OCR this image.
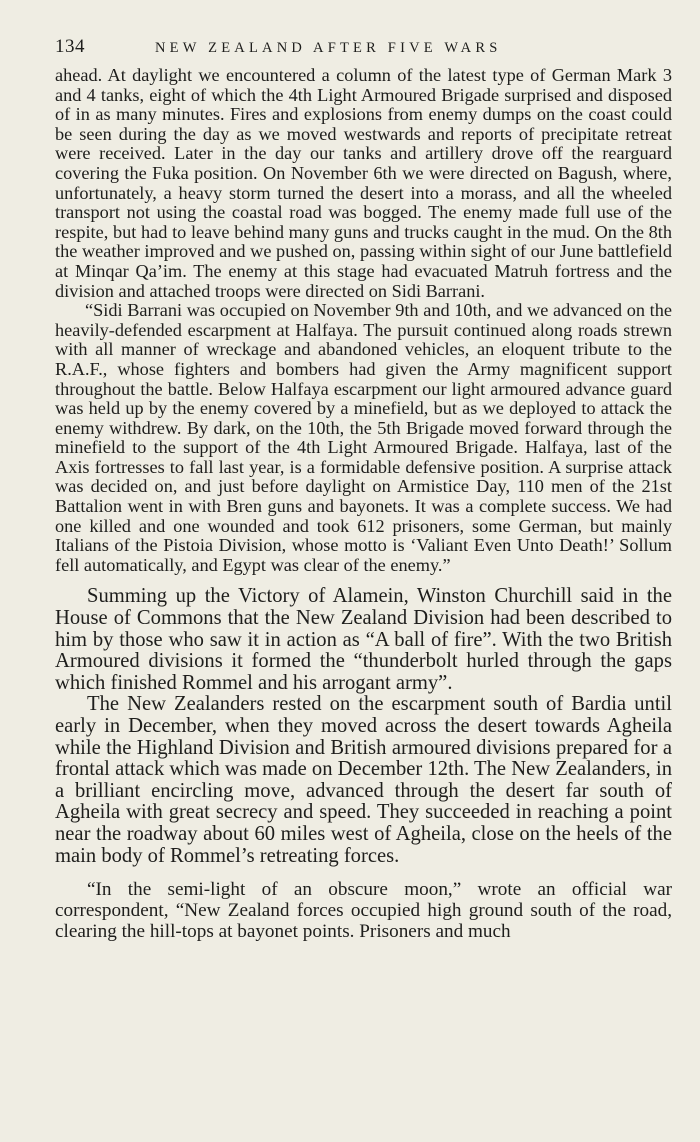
134	NEW ZEALAND AFTER FIVE WARS

ahead. At daylight we encountered a column of the latest type of German Mark 3 and 4 tanks, eight of which the 4th Light Armoured Brigade surprised and disposed of in as many minutes. Fires and explosions from enemy dumps on the coast could be seen during the day as we moved westwards and reports of precipitate retreat were received. Later in the day our tanks and artillery drove off the rearguard covering the Fuka position. On November 6th we were directed on Bagush, where, unfortunately, a heavy storm turned the desert into a morass, and all the wheeled transport not using the coastal road was bogged. The enemy made full use of the respite, but had to leave behind many guns and trucks caught in the mud. On the 8th the weather improved and we pushed on, passing within sight of our June battlefield at Minqar Qa’im. The enemy at this stage had evacuated Matruh fortress and the division and attached troops were directed on Sidi Barrani.

“Sidi Barrani was occupied on November 9th and 10th, and we advanced on the heavily-defended escarpment at Halfaya. The pursuit continued along roads strewn with all manner of wreckage and abandoned vehicles, an eloquent tribute to the R.A.F., whose fighters and bombers had given the Army magnificent support throughout the battle. Below Halfaya escarpment our light armoured advance guard was held up by the enemy covered by a minefield, but as we deployed to attack the enemy withdrew. By dark, on the 10th, the 5th Brigade moved forward through the minefield to the support of the 4th Light Armoured Brigade. Halfaya, last of the Axis fortresses to fall last year, is a formidable defensive position. A surprise attack was decided on, and just before daylight on Armistice Day, 110 men of the 21st Battalion went in with Bren guns and bayonets. It was a complete success. We had one killed and one wounded and took 612 prisoners, some German, but mainly Italians of the Pistoia Division, whose motto is ‘Valiant Even Unto Death!’ Sollum fell automatically, and Egypt was clear of the enemy.”

Summing up the Victory of Alamein, Winston Churchill said in the House of Commons that the New Zealand Division had been described to him by those who saw it in action as “A ball of fire”. With the two British Armoured divisions it formed the “thunderbolt hurled through the gaps which finished Rommel and his arrogant army”.

The New Zealanders rested on the escarpment south of Bardia until early in December, when they moved across the desert towards Agheila while the Highland Division and British armoured divisions prepared for a frontal attack which was made on December 12th. The New Zealanders, in a brilliant encircling move, advanced through the desert far south of Agheila with great secrecy and speed. They succeeded in reaching a point near the roadway about 60 miles west of Agheila, close on the heels of the main body of Rommel’s retreating forces.

“In the semi-light of an obscure moon,” wrote an official war correspondent, “New Zealand forces occupied high ground south of the road, clearing the hill-tops at bayonet points. Prisoners and much
